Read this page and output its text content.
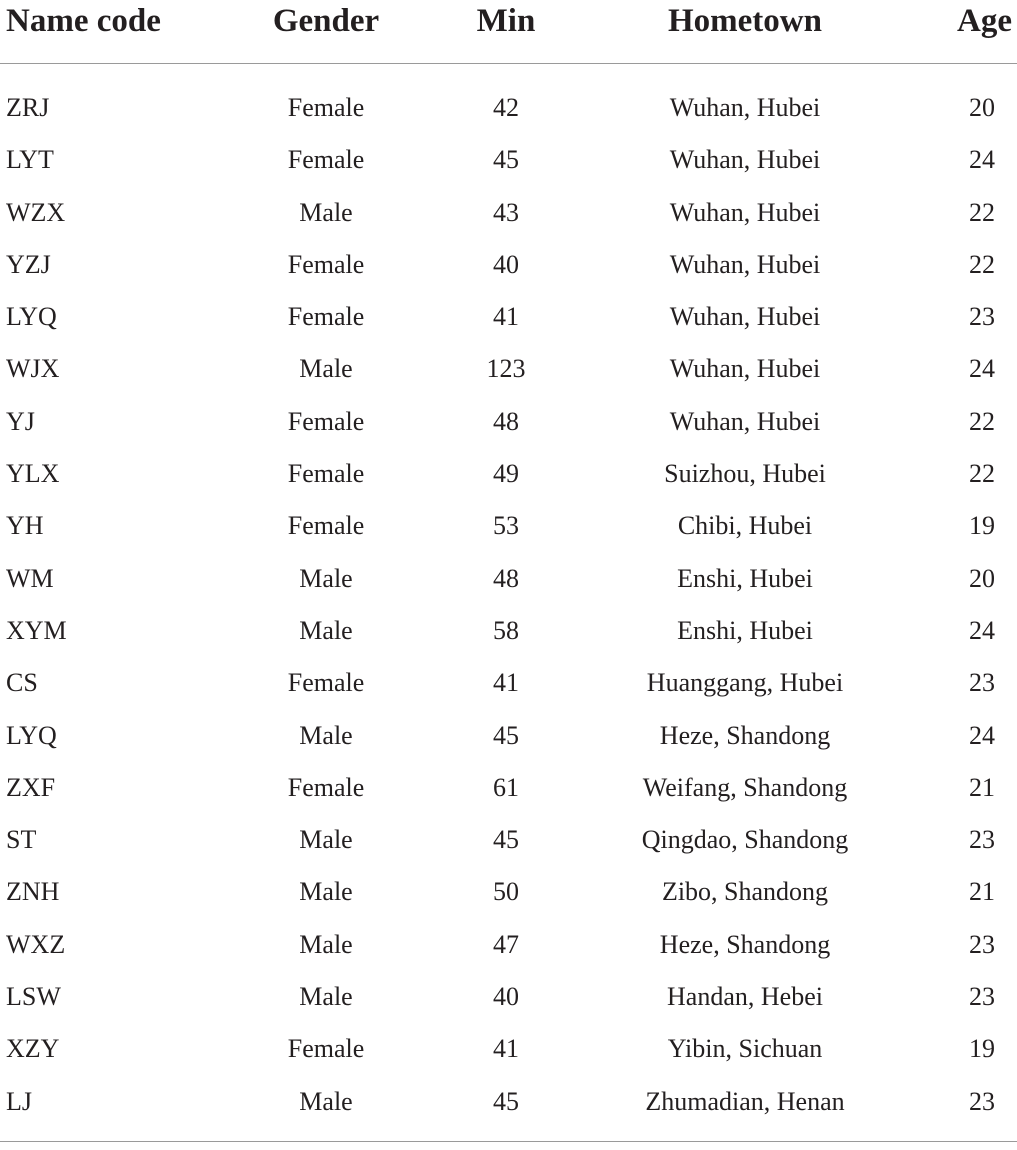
Name code	Gender	Min	Hometown	Age
ZRJ	Female	42	Wuhan, Hubei	20
LYT	Female	45	Wuhan, Hubei	24
WZX	Male	43	Wuhan, Hubei	22
YZJ	Female	40	Wuhan, Hubei	22
LYQ	Female	41	Wuhan, Hubei	23
WJX	Male	123	Wuhan, Hubei	24
YJ	Female	48	Wuhan, Hubei	22
YLX	Female	49	Suizhou, Hubei	22
YH	Female	53	Chibi, Hubei	19
WM	Male	48	Enshi, Hubei	20
XYM	Male	58	Enshi, Hubei	24
CS	Female	41	Huanggang, Hubei	23
LYQ	Male	45	Heze, Shandong	24
ZXF	Female	61	Weifang, Shandong	21
ST	Male	45	Qingdao, Shandong	23
ZNH	Male	50	Zibo, Shandong	21
WXZ	Male	47	Heze, Shandong	23
LSW	Male	40	Handan, Hebei	23
XZY	Female	41	Yibin, Sichuan	19
LJ	Male	45	Zhumadian, Henan	23
